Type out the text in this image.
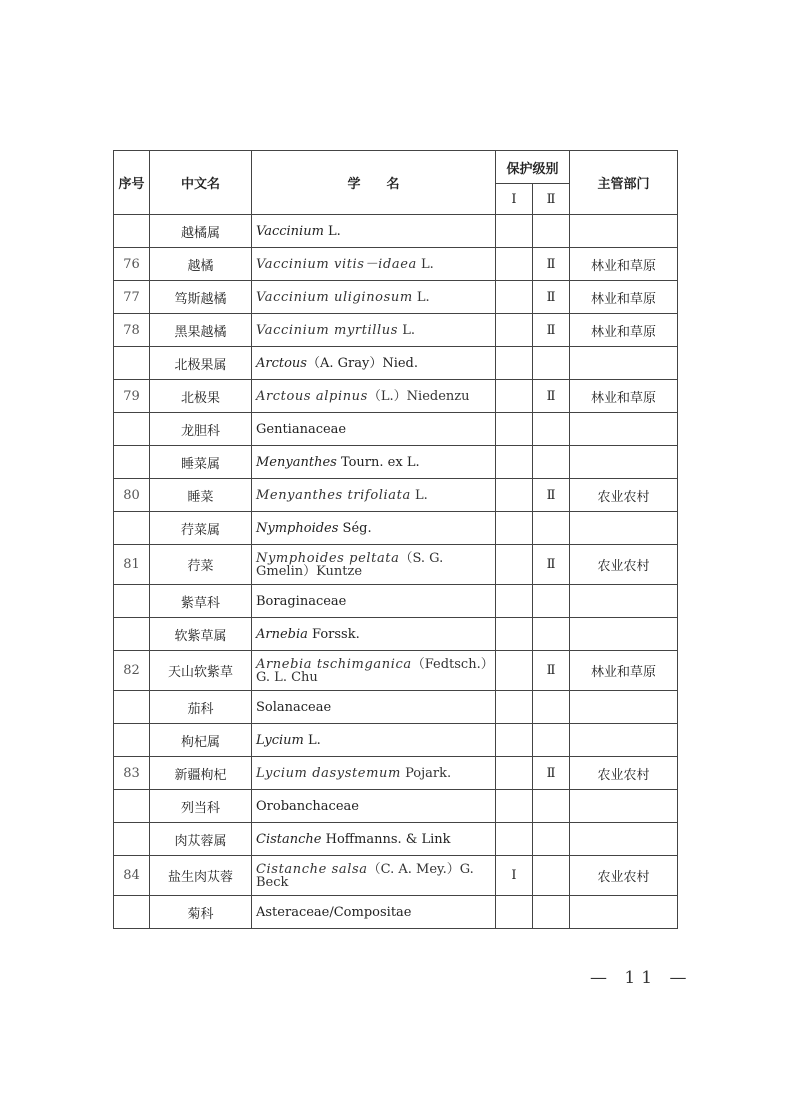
序号	中文名	学　　名	保护级别		主管部门
			Ⅰ	Ⅱ	
	越橘属	Vaccinium L.			
76	越橘	Vaccinium vitis－idaea L.		Ⅱ	林业和草原
77	笃斯越橘	Vaccinium uliginosum L.		Ⅱ	林业和草原
78	黑果越橘	Vaccinium myrtillus L.		Ⅱ	林业和草原
	北极果属	Arctous（A. Gray）Nied.			
79	北极果	Arctous alpinus（L.）Niedenzu		Ⅱ	林业和草原
	龙胆科	Gentianaceae			
	睡菜属	Menyanthes Tourn. ex L.			
80	睡菜	Menyanthes trifoliata L.		Ⅱ	农业农村
	荇菜属	Nymphoides Ség.			
81	荇菜	Nymphoides peltata（S. G. Gmelin）Kuntze		Ⅱ	农业农村
	紫草科	Boraginaceae			
	软紫草属	Arnebia Forssk.			
82	天山软紫草	Arnebia tschimganica（Fedtsch.）G. L. Chu		Ⅱ	林业和草原
	茄科	Solanaceae			
	枸杞属	Lycium L.			
83	新疆枸杞	Lycium dasystemum Pojark.		Ⅱ	农业农村
	列当科	Orobanchaceae			
	肉苁蓉属	Cistanche Hoffmanns. & Link			
84	盐生肉苁蓉	Cistanche salsa（C. A. Mey.）G. Beck	Ⅰ		农业农村
	菊科	Asteraceae/Compositae			
— 11 —
